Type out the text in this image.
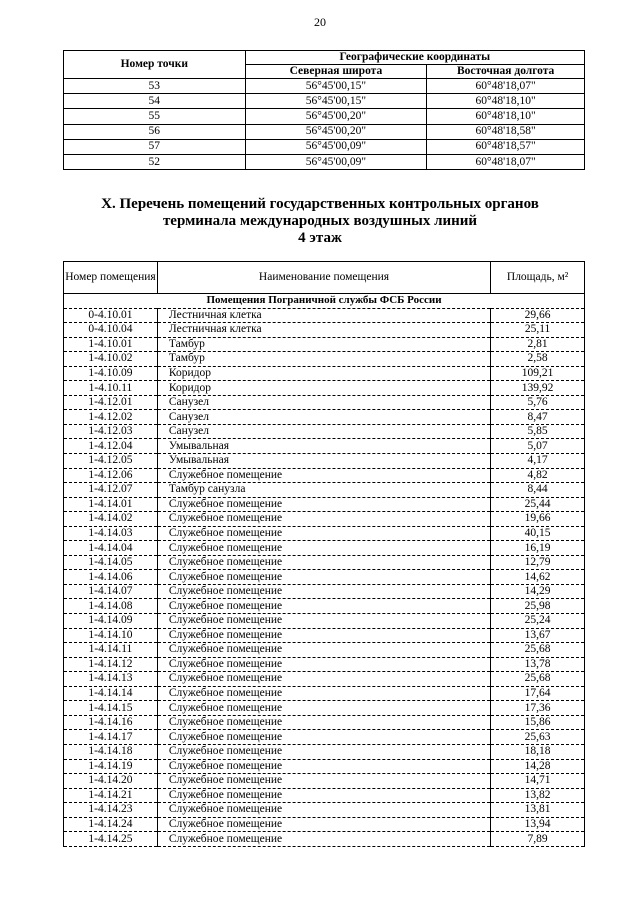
20
Номер точки	Географические координаты	
	Северная широта	Восточная долгота
53	56°45'00,15"	60°48'18,07"
54	56°45'00,15"	60°48'18,10"
55	56°45'00,20"	60°48'18,10"
56	56°45'00,20"	60°48'18,58"
57	56°45'00,09"	60°48'18,57"
52	56°45'00,09"	60°48'18,07"
X. Перечень помещений государственных контрольных органов
терминала международных воздушных линий
4 этаж
Номер помещения	Наименование помещения	Площадь, м²
Помещения Пограничной службы ФСБ России		
0-4.10.01	Лестничная клетка	29,66
0-4.10.04	Лестничная клетка	25,11
1-4.10.01	Тамбур	2,81
1-4.10.02	Тамбур	2,58
1-4.10.09	Коридор	109,21
1-4.10.11	Коридор	139,92
1-4.12.01	Санузел	5,76
1-4.12.02	Санузел	8,47
1-4.12.03	Санузел	5,85
1-4.12.04	Умывальная	5,07
1-4.12.05	Умывальная	4,17
1-4.12.06	Служебное помещение	4,82
1-4.12.07	Тамбур санузла	8,44
1-4.14.01	Служебное помещение	25,44
1-4.14.02	Служебное помещение	19,66
1-4.14.03	Служебное помещение	40,15
1-4.14.04	Служебное помещение	16,19
1-4.14.05	Служебное помещение	12,79
1-4.14.06	Служебное помещение	14,62
1-4.14.07	Служебное помещение	14,29
1-4.14.08	Служебное помещение	25,98
1-4.14.09	Служебное помещение	25,24
1-4.14.10	Служебное помещение	13,67
1-4.14.11	Служебное помещение	25,68
1-4.14.12	Служебное помещение	13,78
1-4.14.13	Служебное помещение	25,68
1-4.14.14	Служебное помещение	17,64
1-4.14.15	Служебное помещение	17,36
1-4.14.16	Служебное помещение	15,86
1-4.14.17	Служебное помещение	25,63
1-4.14.18	Служебное помещение	18,18
1-4.14.19	Служебное помещение	14,28
1-4.14.20	Служебное помещение	14,71
1-4.14.21	Служебное помещение	13,82
1-4.14.23	Служебное помещение	13,81
1-4.14.24	Служебное помещение	13,94
1-4.14.25	Служебное помещение	7,89
